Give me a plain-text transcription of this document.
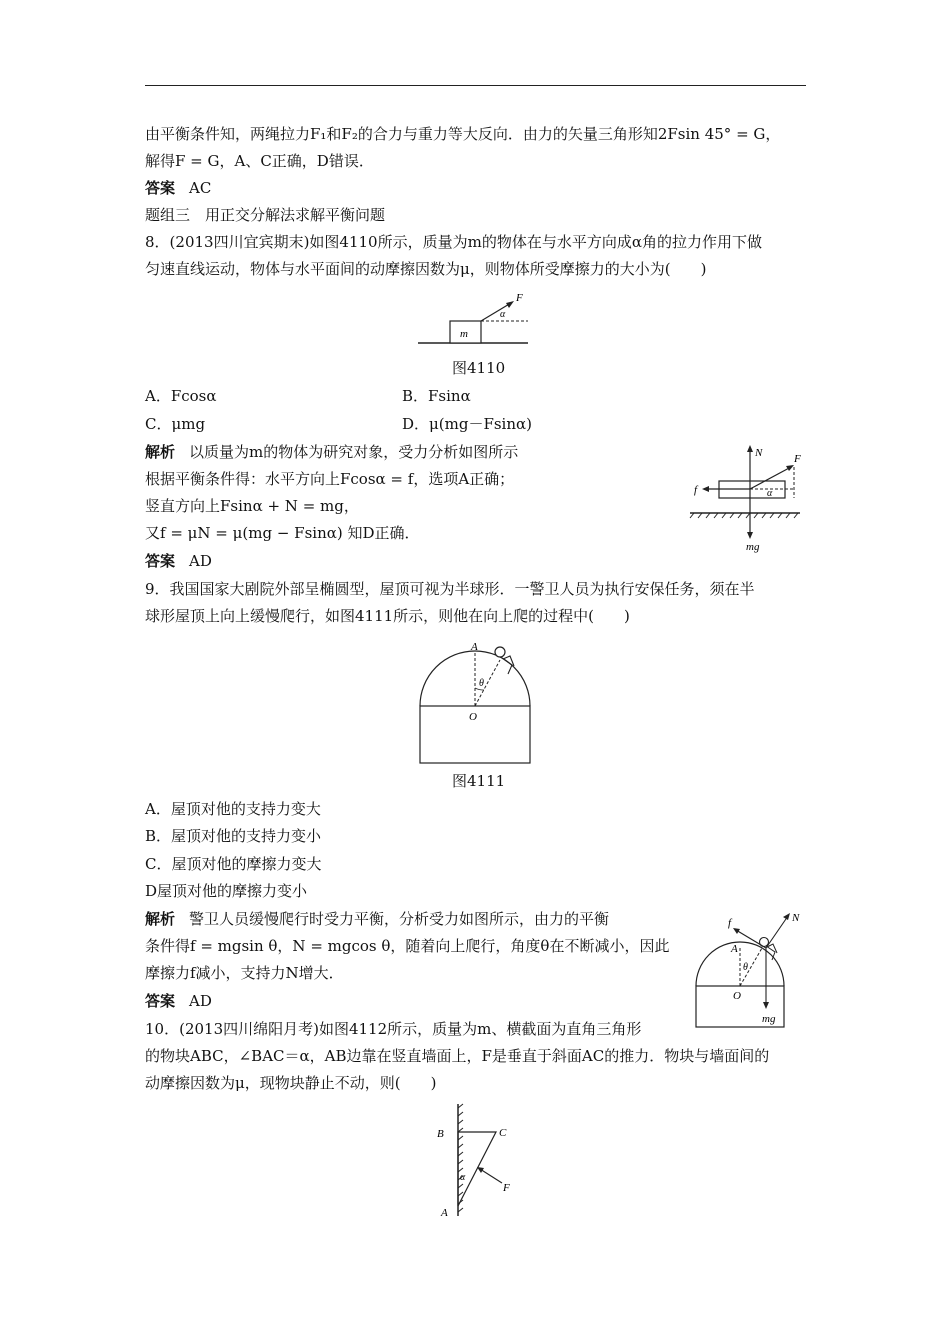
由平衡条件知，两绳拉力F₁和F₂的合力与重力等大反向．由力的矢量三角形知2Fsin 45° = G，
解得F = G，A、C正确，D错误．
答案 AC
题组三　用正交分解法求解平衡问题
8．(2013四川宜宾期末)如图4110所示，质量为m的物体在与水平方向成α角的拉力作用下做
匀速直线运动，物体与水平面间的动摩擦因数为μ，则物体所受摩擦力的大小为(　　)
m
F
α
图4110
A．Fcosα	B．Fsinα
C．μmg	D．μ(mg－Fsinα)
解析 以质量为m的物体为研究对象，受力分析如图所示
根据平衡条件得：水平方向上Fcosα = f，选项A正确；
竖直方向上Fsinα + N = mg，
又f = μN = μ(mg − Fsinα) 知D正确．
答案 AD
N	F
f	α
mg
9．我国国家大剧院外部呈椭圆型，屋顶可视为半球形．一警卫人员为执行安保任务，须在半
球形屋顶上向上缓慢爬行，如图4111所示，则他在向上爬的过程中(　　)
A
θ
O
图4111
A．屋顶对他的支持力变大
B．屋顶对他的支持力变小
C．屋顶对他的摩擦力变大
D屋顶对他的摩擦力变小
解析 警卫人员缓慢爬行时受力平衡，分析受力如图所示，由力的平衡
条件得f = mgsin θ，N = mgcos θ，随着向上爬行，角度θ在不断减小，因此
摩擦力f减小，支持力N增大．
答案 AD
f	N
A
θ
O
mg
10．(2013四川绵阳月考)如图4112所示，质量为m、横截面为直角三角形
的物块ABC，∠BAC＝α，AB边靠在竖直墙面上，F是垂直于斜面AC的推力．物块与墙面间的
动摩擦因数为μ，现物块静止不动，则(　　)
B	C
A
α
F
